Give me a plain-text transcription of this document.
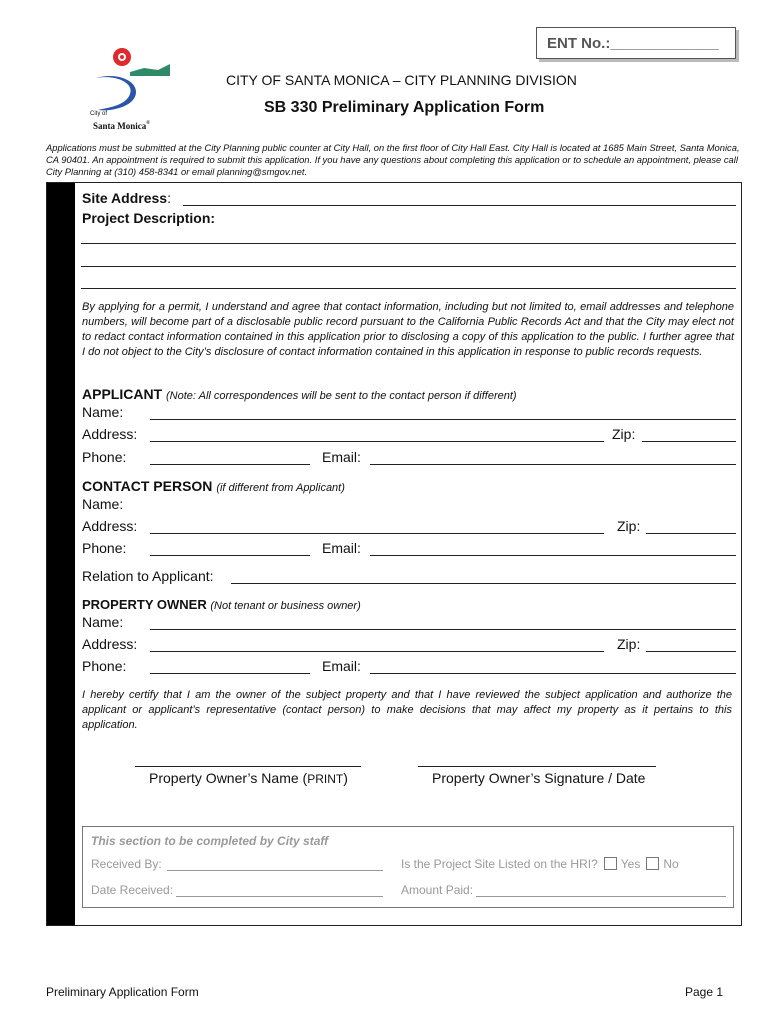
ENT No.:_____________
City of
Santa Monica®
CITY OF SANTA MONICA – CITY PLANNING DIVISION
SB 330 Preliminary Application Form
Applications must be submitted at the City Planning public counter at City Hall, on the first floor of City Hall East. City Hall is located at 1685 Main Street, Santa Monica, CA 90401. An appointment is required to submit this application. If you have any questions about completing this application or to schedule an appointment, please call City Planning at (310) 458-8341 or email planning@smgov.net.
GENERAL INFORMATION
Site Address:
Project Description:
By applying for a permit, I understand and agree that contact information, including but not limited to, email addresses and telephone numbers, will become part of a disclosable public record pursuant to the California Public Records Act and that the City may elect not to redact contact information contained in this application prior to disclosing a copy of this application to the public. I further agree that I do not object to the City’s disclosure of contact information contained in this application in response to public records requests.
APPLICANT (Note: All correspondences will be sent to the contact person if different)
Name:
Address:	Zip:
Phone:	Email:
CONTACT PERSON (if different from Applicant)
Name:
Address:	Zip:
Phone:	Email:
Relation to Applicant:
PROPERTY OWNER (Not tenant or business owner)
Name:
Address:	Zip:
Phone:	Email:
I hereby certify that I am the owner of the subject property and that I have reviewed the subject application and authorize the applicant or applicant’s representative (contact person) to make decisions that may affect my property as it pertains to this application.
Property Owner’s Name (PRINT)	Property Owner’s Signature / Date
This section to be completed by City staff
Received By:	Is the Project Site Listed on the HRI? Yes No
Date Received:	Amount Paid:
Preliminary Application Form	Page 1
